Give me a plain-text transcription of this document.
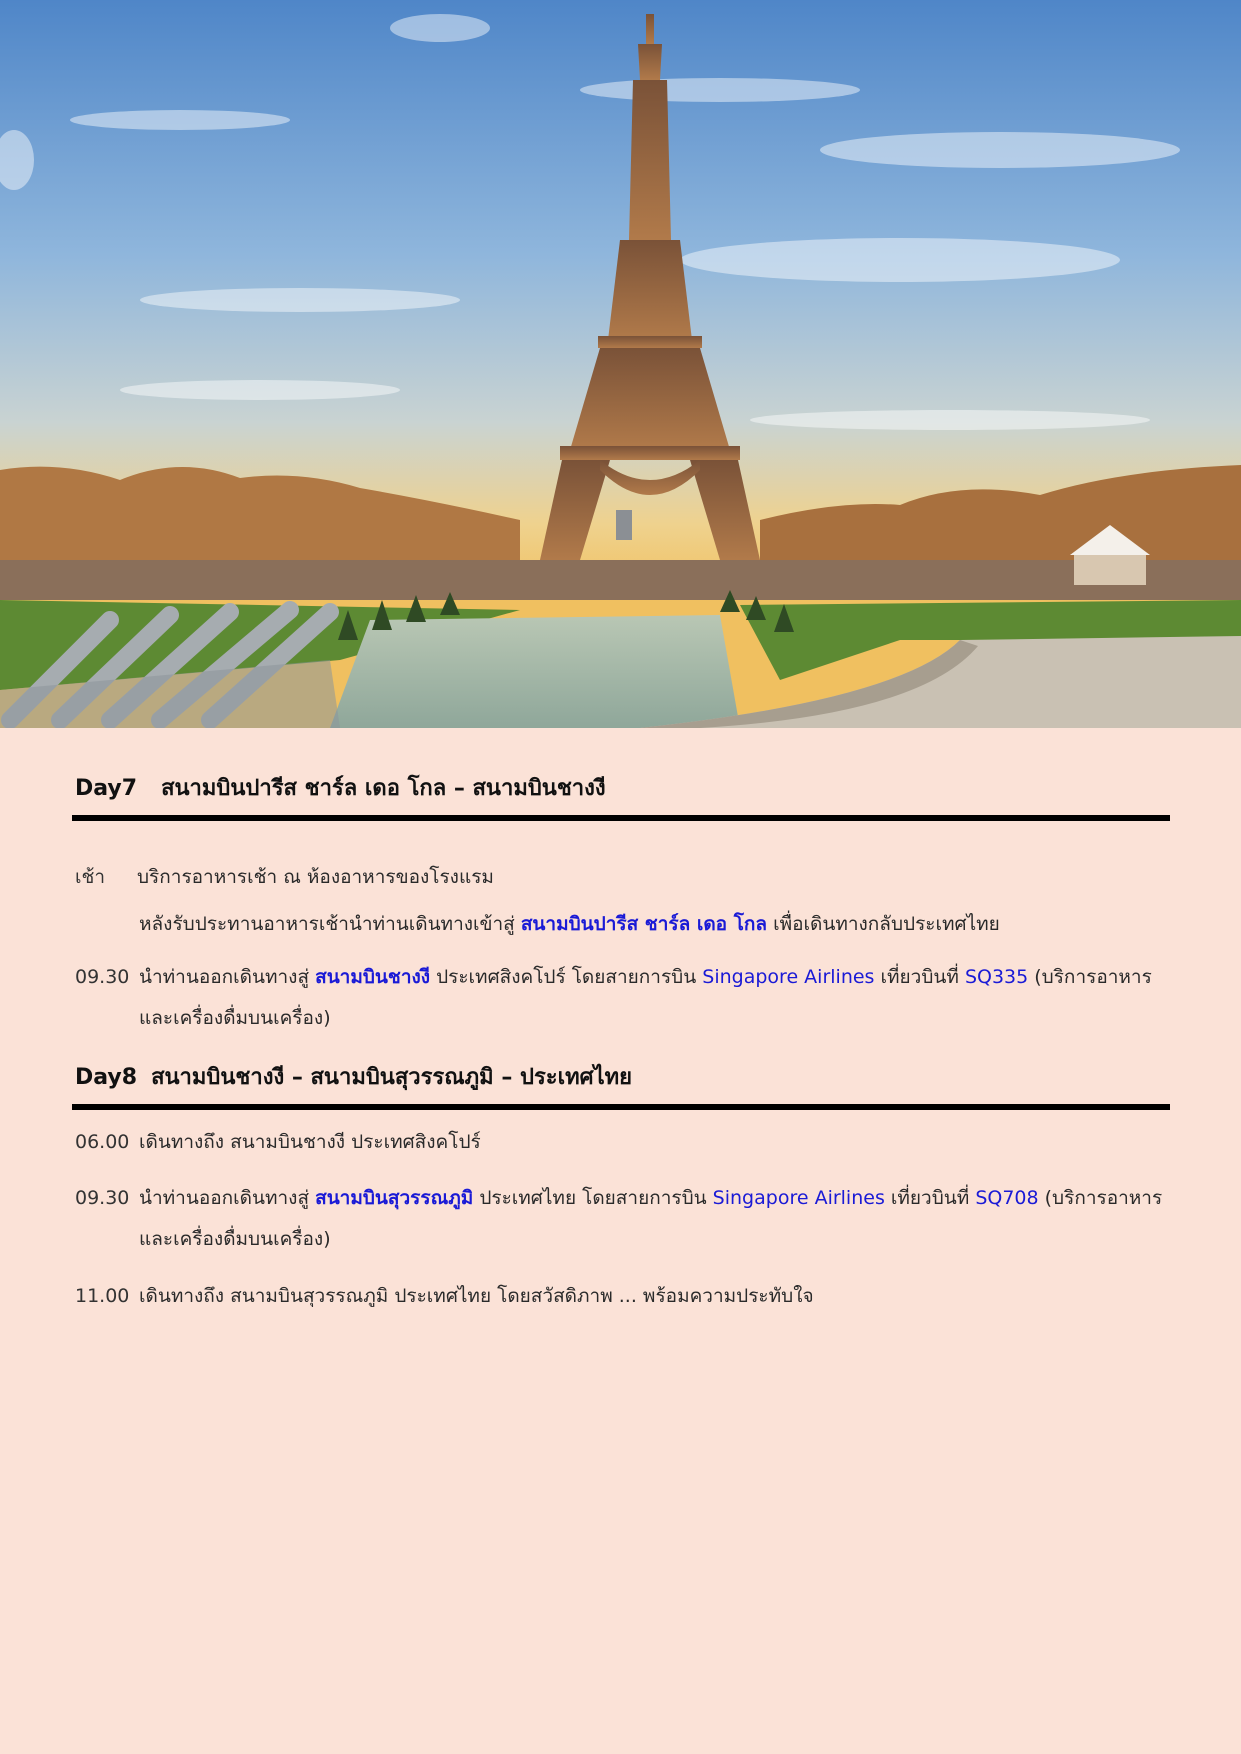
Day7 สนามบินปารีส ชาร์ล เดอ โกล – สนามบินชางงี
เช้า	บริการอาหารเช้า ณ ห้องอาหารของโรงแรม
หลังรับประทานอาหารเช้านำท่านเดินทางเข้าสู่ สนามบินปารีส ชาร์ล เดอ โกล เพื่อเดินทางกลับประเทศไทย
09.30 นำท่านออกเดินทางสู่ สนามบินชางงี ประเทศสิงคโปร์ โดยสายการบิน Singapore Airlines เที่ยวบินที่ SQ335 (บริการอาหารและเครื่องดื่มบนเครื่อง)
Day8 สนามบินชางงี – สนามบินสุวรรณภูมิ – ประเทศไทย
06.00 เดินทางถึง สนามบินชางงี ประเทศสิงคโปร์
09.30 นำท่านออกเดินทางสู่ สนามบินสุวรรณภูมิ ประเทศไทย โดยสายการบิน Singapore Airlines เที่ยวบินที่ SQ708 (บริการอาหารและเครื่องดื่มบนเครื่อง)
11.00 เดินทางถึง สนามบินสุวรรณภูมิ ประเทศไทย โดยสวัสดิภาพ ... พร้อมความประทับใจ
